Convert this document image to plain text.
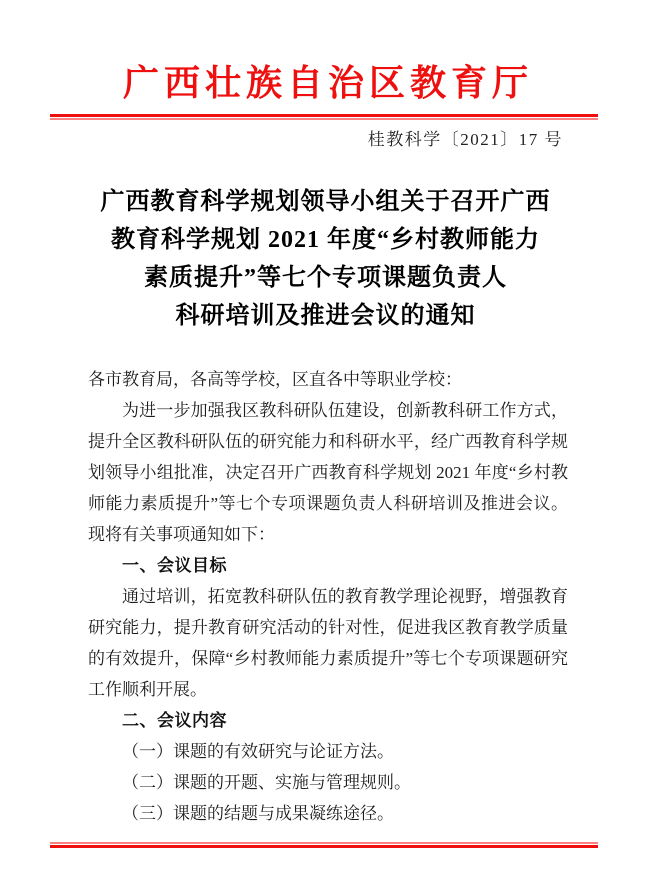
广西壮族自治区教育厅
桂教科学〔2021〕17 号
广西教育科学规划领导小组关于召开广西
教育科学规划 2021 年度“乡村教师能力
素质提升”等七个专项课题负责人
科研培训及推进会议的通知

各市教育局，各高等学校，区直各中等职业学校：

为进一步加强我区教科研队伍建设，创新教科研工作方式，提升全区教科研队伍的研究能力和科研水平，经广西教育科学规划领导小组批准，决定召开广西教育科学规划 2021 年度“乡村教师能力素质提升”等七个专项课题负责人科研培训及推进会议。现将有关事项通知如下：

一、会议目标

通过培训，拓宽教科研队伍的教育教学理论视野，增强教育研究能力，提升教育研究活动的针对性，促进我区教育教学质量的有效提升，保障“乡村教师能力素质提升”等七个专项课题研究工作顺利开展。

二、会议内容

（一）课题的有效研究与论证方法。

（二）课题的开题、实施与管理规则。

（三）课题的结题与成果凝练途径。
